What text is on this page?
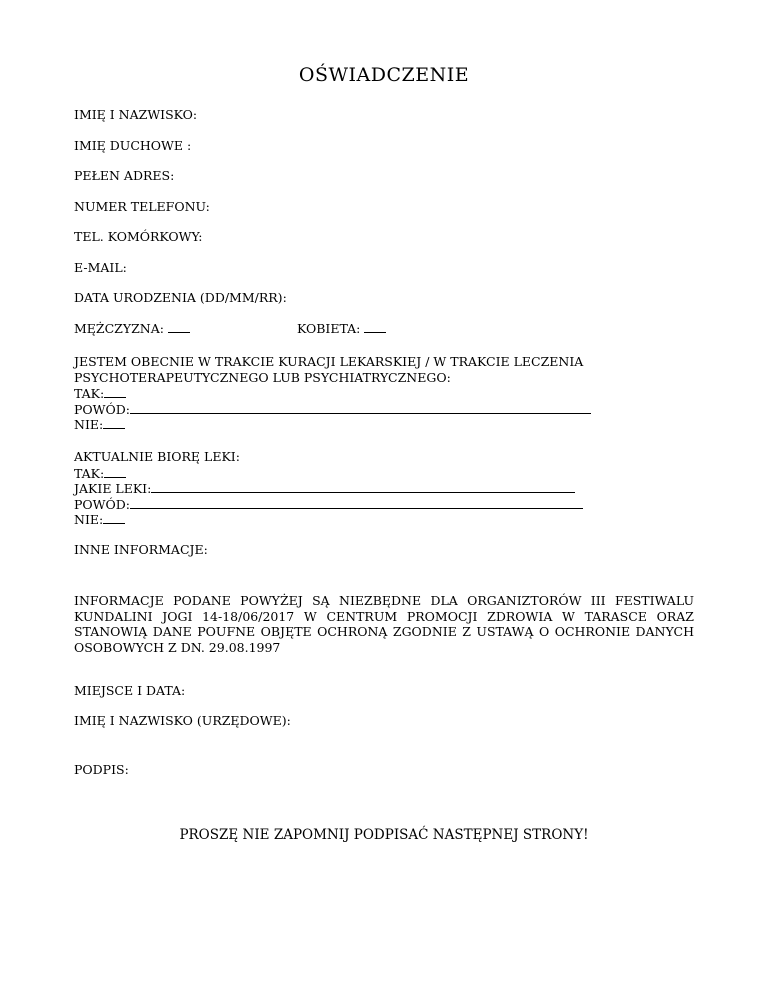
OŚWIADCZENIE
IMIĘ I NAZWISKO:
IMIĘ DUCHOWE :
PEŁEN ADRES:
NUMER TELEFONU:
TEL. KOMÓRKOWY:
E-MAIL:
DATA URODZENIA (DD/MM/RR):
MĘŻCZYZNA:	KOBIETA:
JESTEM OBECNIE W TRAKCIE KURACJI LEKARSKIEJ / W TRAKCIE LECZENIA
PSYCHOTERAPEUTYCZNEGO LUB PSYCHIATRYCZNEGO:
TAK:
POWÓD:
NIE:
AKTUALNIE BIORĘ LEKI:
TAK:
JAKIE LEKI:
POWÓD:
NIE:
INNE INFORMACJE:
INFORMACJE PODANE POWYŻEJ SĄ NIEZBĘDNE DLA ORGANIZTORÓW III FESTIWALU KUNDALINI JOGI 14-18/06/2017 W CENTRUM PROMOCJI ZDROWIA W TARASCE ORAZ STANOWIĄ DANE POUFNE OBJĘTE OCHRONĄ ZGODNIE Z USTAWĄ O OCHRONIE DANYCH OSOBOWYCH Z DN. 29.08.1997
MIEJSCE I DATA:
IMIĘ I NAZWISKO (URZĘDOWE):
PODPIS:
PROSZĘ NIE ZAPOMNIJ PODPISAĆ NASTĘPNEJ STRONY!
